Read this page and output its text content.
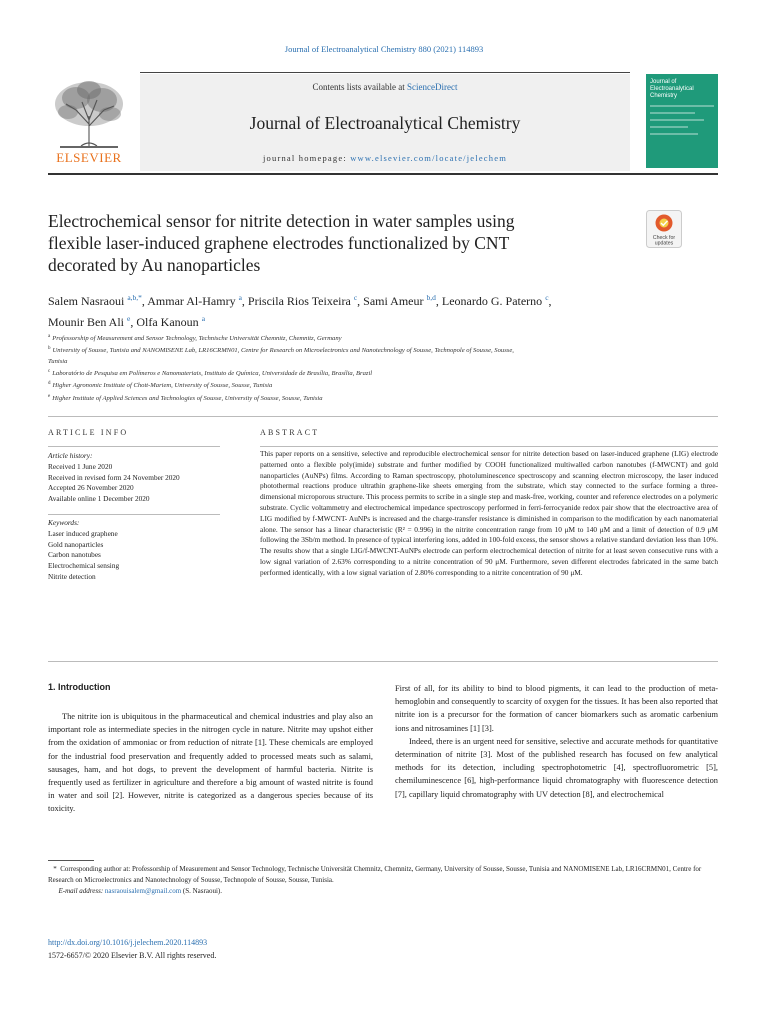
Journal of Electroanalytical Chemistry 880 (2021) 114893
Contents lists available at ScienceDirect
Journal of Electroanalytical Chemistry
journal homepage: www.elsevier.com/locate/jelechem
ELSEVIER
Journal of
Electroanalytical
Chemistry
Electrochemical sensor for nitrite detection in water samples using
flexible laser-induced graphene electrodes functionalized by CNT
decorated by Au nanoparticles
Check for
updates
Salem Nasraoui $^{a,b,*}$, Ammar Al-Hamry $^a$, Priscila Rios Teixeira $^c$, Sami Ameur $^{b,d}$, Leonardo G. Paterno $^c$,
Mounir Ben Ali $^e$, Olfa Kanoun $^a$

$^a$ Professorship of Measurement and Sensor Technology, Technische Universität Chemnitz, Chemnitz, Germany

$^b$ University of Sousse, Tunisia and NANOMISENE Lab, LR16CRMN01, Centre for Research on Microelectronics and Nanotechnology of Sousse, Technopole of Sousse, Sousse,

Tunisia

$^c$ Laboratório de Pesquisa em Polímeros e Nanomateriais, Instituto de Química, Universidade de Brasília, Brasília, Brazil

$^d$ Higher Agronomic Institute of Chott-Mariem, University of Sousse, Sousse, Tunisia

$^e$ Higher Institute of Applied Sciences and Technologies of Sousse, University of Sousse, Sousse, Tunisia

ARTICLE INFO
Article history:
Received 1 June 2020
Received in revised form 24 November 2020
Accepted 26 November 2020
Available online 1 December 2020
Keywords:
Laser induced graphene
Gold nanoparticles
Carbon nanotubes
Electrochemical sensing
Nitrite detection
ABSTRACT
This paper reports on a sensitive, selective and reproducible electrochemical sensor for nitrite detection based on laser-induced graphene (LIG) electrode patterned onto a flexible poly(imide) substrate and further modified by COOH functionalized multiwalled carbon nanotubes (f-MWCNT) and gold nanoparticles (AuNPs) films. According to Raman spectroscopy, photoluminescence spectroscopy and scanning electron microscopy, the laser induced photothermal reactions produce ultrathin graphene-like sheets emerging from the substrate, which stay connected to the surface forming a three-dimensional microporous structure. This process permits to scribe in a single step and mask-free, working, counter and reference electrodes on a polymeric substrate. Cyclic voltammetry and electrochemical impedance spectroscopy performed in ferri-ferrocyanide redox pair show that the electroactive area of LIG modified by f-MWCNT- AuNPs is increased and the charge-transfer resistance is diminished in comparison to the modification by each nanomaterial alone. The sensor has a linear characteristic (R² = 0.996) in the nitrite concentration range from 10 μM to 140 μM and a limit of detection of 0.9 μM following the 3Sb/m method. In presence of typical interfering ions, added in 100-fold excess, the sensor shows a relative standard deviation less than 10%. The results show that a single LIG/f-MWCNT-AuNPs electrode can perform electrochemical detection of nitrite for at least seven consecutive runs with a low signal variation of 2.63% corresponding to a nitrite concentration of 90 μM. Furthermore, seven different electrodes fabricated in the same batch performed identically, with a low signal variation of 2.80% corresponding to a nitrite concentration of 90 μM.
1. Introduction

The nitrite ion is ubiquitous in the pharmaceutical and chemical industries and play also an important role as intermediate species in the nitrogen cycle in nature. Nitrite may upshot either from the oxidation of ammoniac or from reduction of nitrate [1]. These chemicals are employed for the industrial food preservation and frequently added to processed meats such as salami, sausages, ham, and hot dogs, to prevent the development of harmful bacteria. Nitrite is frequently used as fertilizer in agriculture and therefore a big amount of wasted nitrite is found in water and soil [2]. However, nitrite is categorized as a dangerous species because of its toxicity.

First of all, for its ability to bind to blood pigments, it can lead to the production of meta-hemoglobin and consequently to scarcity of oxygen for the tissues. It has been also reported that nitrite ion is a precursor for the formation of cancer biomarkers such as aromatic carbenium ions and nitrosamines [1] [3].

Indeed, there is an urgent need for sensitive, selective and accurate methods for quantitative determination of nitrite [3]. Most of the published research has focused on few analytical methods for its detection, including spectrophotometric [4], spectrofluorometric [5], chemiluminescence [6], high-performance liquid chromatography with fluorescence detection [7], capillary liquid chromatography with UV detection [8], and electrochemical

* Corresponding author at: Professorship of Measurement and Sensor Technology, Technische Universität Chemnitz, Chemnitz, Germany, University of Sousse, Sousse, Tunisia and NANOMISENE Lab, LR16CRMN01, Centre for Research on Microelectronics and Nanotechnology of Sousse, Technopole of Sousse, Sousse, Tunisia.
E-mail address: nasraouisalem@gmail.com (S. Nasraoui).
http://dx.doi.org/10.1016/j.jelechem.2020.114893
1572-6657/© 2020 Elsevier B.V. All rights reserved.
